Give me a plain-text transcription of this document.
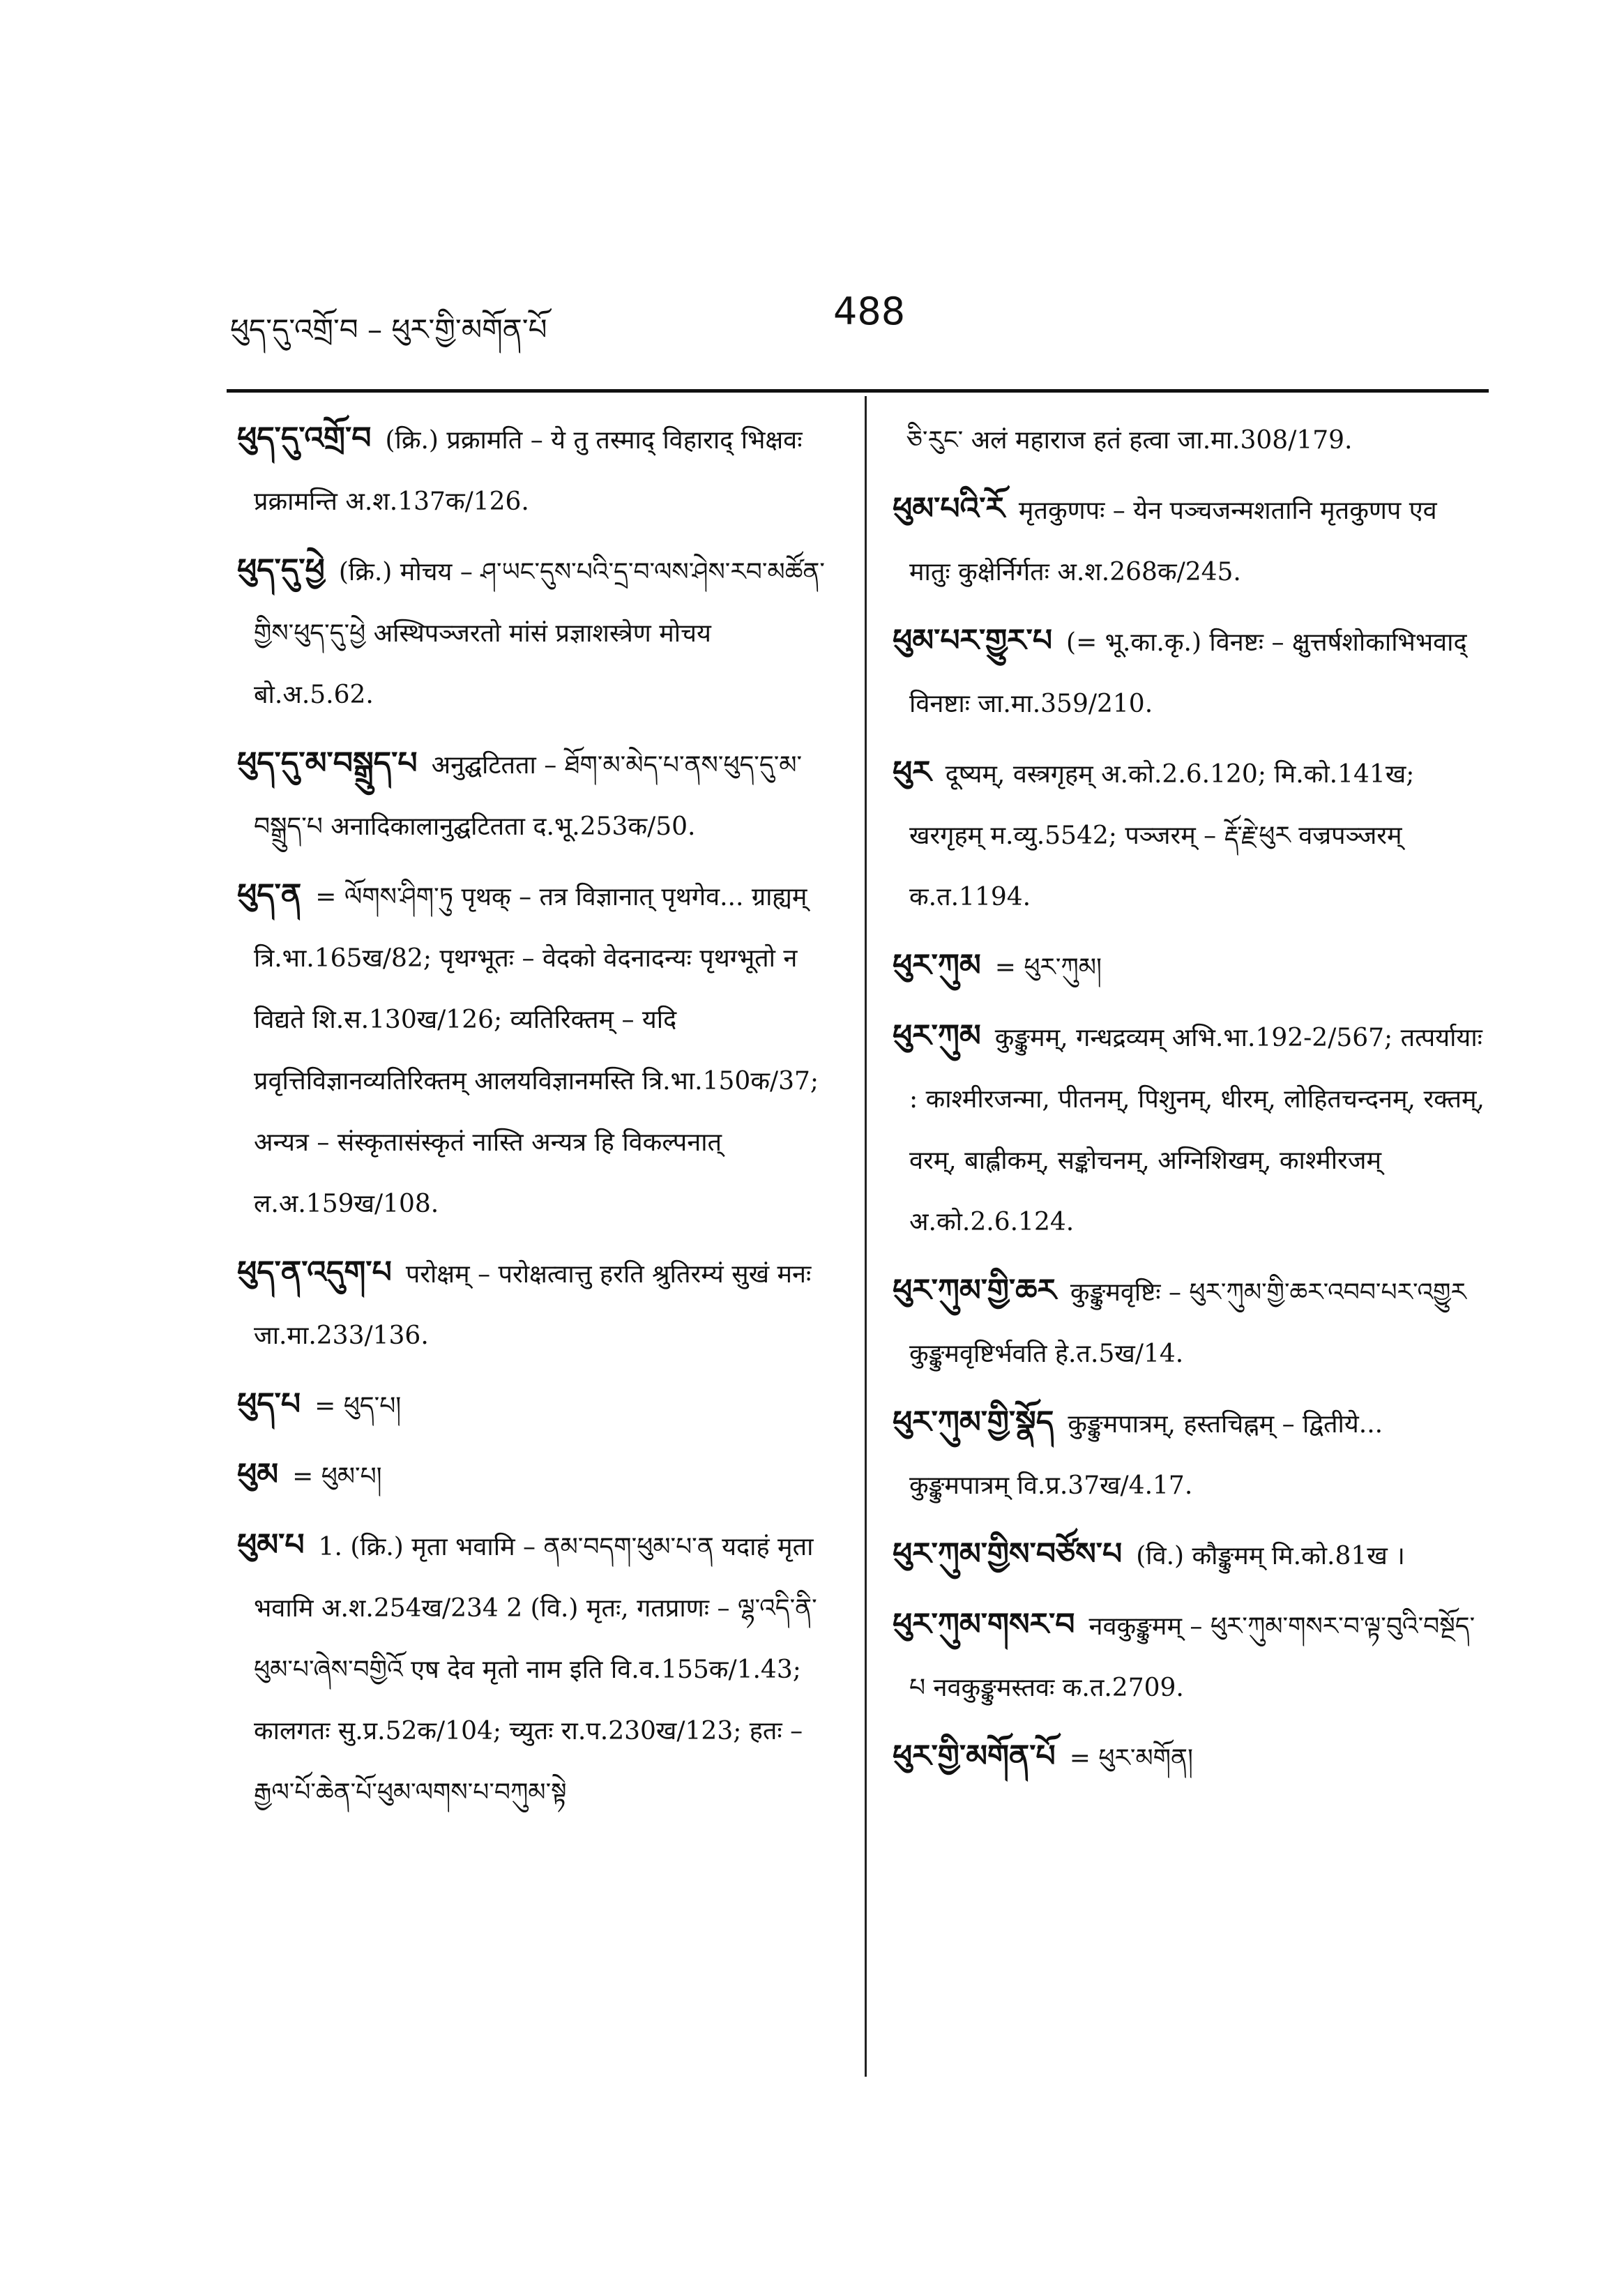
ཕུད་དུ་འགྲོ་བ – ཕུར་གྱི་མགོན་པོ	488

ཕུད་དུ་འགྲོ་བ (क्रि.) प्रक्रामति – ये तु तस्माद् विहाराद् भिक्षवः प्रक्रामन्ति अ.श.137क/126.

ཕུད་དུ་ཕྱེ (क्रि.) मोचय – ཤ་ཡང་དུས་པའི་དྲ་བ་ལས་ཤེས་རབ་མཚོན་གྱིས་ཕུད་དུ་ཕྱེ अस्थिपञ्जरतो मांसं प्रज्ञाशस्त्रेण मोचय बो.अ.5.62.

ཕུད་དུ་མ་བསྒྲུད་པ अनुद्घटितता – ཐོག་མ་མེད་པ་ནས་ཕུད་དུ་མ་བསྒྲུད་པ अनादिकालानुद्घटितता द.भू.253क/50.

ཕུད་ན = ལོགས་ཤིག་ཏུ पृथक् – तत्र विज्ञानात् पृथगेव... ग्राह्यम् त्रि.भा.165ख/82; पृथग्भूतः – वेदको वेदनादन्यः पृथग्भूतो न विद्यते शि.स.130ख/126; व्यतिरिक्तम् – यदि प्रवृत्तिविज्ञानव्यतिरिक्तम् आलयविज्ञानमस्ति त्रि.भा.150क/37; अन्यत्र – संस्कृतासंस्कृतं नास्ति अन्यत्र हि विकल्पनात् ल.अ.159ख/108.

ཕུད་ན་འདུག་པ परोक्षम् – परोक्षत्वात्तु हरति श्रुतिरम्यं सुखं मनः जा.मा.233/136.

ཕུད་པ = ཕུད་པ།

ཕུམ = ཕུམ་པ།

ཕུམ་པ 1. (क्रि.) मृता भवामि – ནམ་བདག་ཕུམ་པ་ན यदाहं मृता भवामि अ.श.254ख/234 2 (वि.) मृतः, गतप्राणः – ལྷ་འདི་ནི་ཕུམ་པ་ཞེས་བགྱིའོ एष देव मृतो नाम इति वि.व.155क/1.43; कालगतः सु.प्र.52क/104; च्युतः रा.प.230ख/123; हतः – རྒྱལ་པོ་ཆེན་པོ་ཕུམ་ལགས་པ་བཀུམ་སྟེ

ཅི་རུང་ अलं महाराज हतं हत्वा जा.मा.308/179.

ཕུམ་པའི་རོ मृतकुणपः – येन पञ्चजन्मशतानि मृतकुणप एव मातुः कुक्षेर्निर्गतः अ.श.268क/245.

ཕུམ་པར་གྱུར་པ (= भू.का.कृ.) विनष्टः – क्षुत्तर्षशोकाभिभवाद् विनष्टाः जा.मा.359/210.

ཕུར दूष्यम्, वस्त्रगृहम् अ.को.2.6.120; मि.को.141ख; खरगृहम् म.व्यु.5542; पञ्जरम् – རྡོ་རྗེ་ཕུར वज्रपञ्जरम् क.त.1194.

ཕུར་ཀུམ = ཕུར་ཀུམ།

ཕུར་ཀུམ कुङ्कुमम्, गन्धद्रव्यम् अभि.भा.192-2/567; तत्पर्यायाः : काश्मीरजन्मा, पीतनम्, पिशुनम्, धीरम्, लोहितचन्दनम्, रक्तम्, वरम्, बाह्लीकम्, सङ्कोचनम्, अग्निशिखम्, काश्मीरजम् अ.को.2.6.124.

ཕུར་ཀུམ་གྱི་ཆར कुङ्कुमवृष्टिः – ཕུར་ཀུམ་གྱི་ཆར་འབབ་པར་འགྱུར कुङ्कुमवृष्टिर्भवति हे.त.5ख/14.

ཕུར་ཀུམ་གྱི་སྣོད कुङ्कुमपात्रम्, हस्तचिह्नम् – द्वितीये... कुङ्कुमपात्रम् वि.प्र.37ख/4.17.

ཕུར་ཀུམ་གྱིས་བཙོས་པ (वि.) कौङ्कुमम् मि.को.81ख ।

ཕུར་ཀུམ་གསར་བ नवकुङ्कुमम् – ཕུར་ཀུམ་གསར་བ་ལྟ་བུའི་བསྔོད་པ नवकुङ्कुमस्तवः क.त.2709.

ཕུར་གྱི་མགོན་པོ = ཕུར་མགོན།
